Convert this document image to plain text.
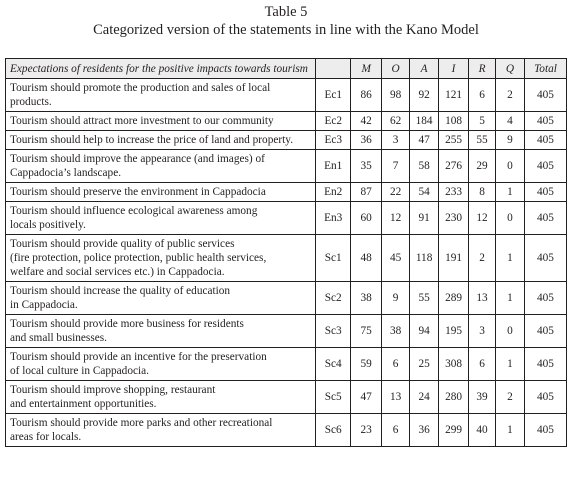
Table 5
Categorized version of the statements in line with the Kano Model
Expectations of residents for the positive impacts towards tourism		M	O	A	I	R	Q	Total
Tourism should promote the production and sales of local
products.	Ec1	86	98	92	121	6	2	405
Tourism should attract more investment to our community	Ec2	42	62	184	108	5	4	405
Tourism should help to increase the price of land and property.	Ec3	36	3	47	255	55	9	405
Tourism should improve the appearance (and images) of
Cappadocia’s landscape.	En1	35	7	58	276	29	0	405
Tourism should preserve the environment in Cappadocia	En2	87	22	54	233	8	1	405
Tourism should influence ecological awareness among
locals positively.	En3	60	12	91	230	12	0	405
Tourism should provide quality of public services
(fire protection, police protection, public health services,
welfare and social services etc.) in Cappadocia.	Sc1	48	45	118	191	2	1	405
Tourism should increase the quality of education
in Cappadocia.	Sc2	38	9	55	289	13	1	405
Tourism should provide more business for residents
and small businesses.	Sc3	75	38	94	195	3	0	405
Tourism should provide an incentive for the preservation
of local culture in Cappadocia.	Sc4	59	6	25	308	6	1	405
Tourism should improve shopping, restaurant
and entertainment opportunities.	Sc5	47	13	24	280	39	2	405
Tourism should provide more parks and other recreational
areas for locals.	Sc6	23	6	36	299	40	1	405
